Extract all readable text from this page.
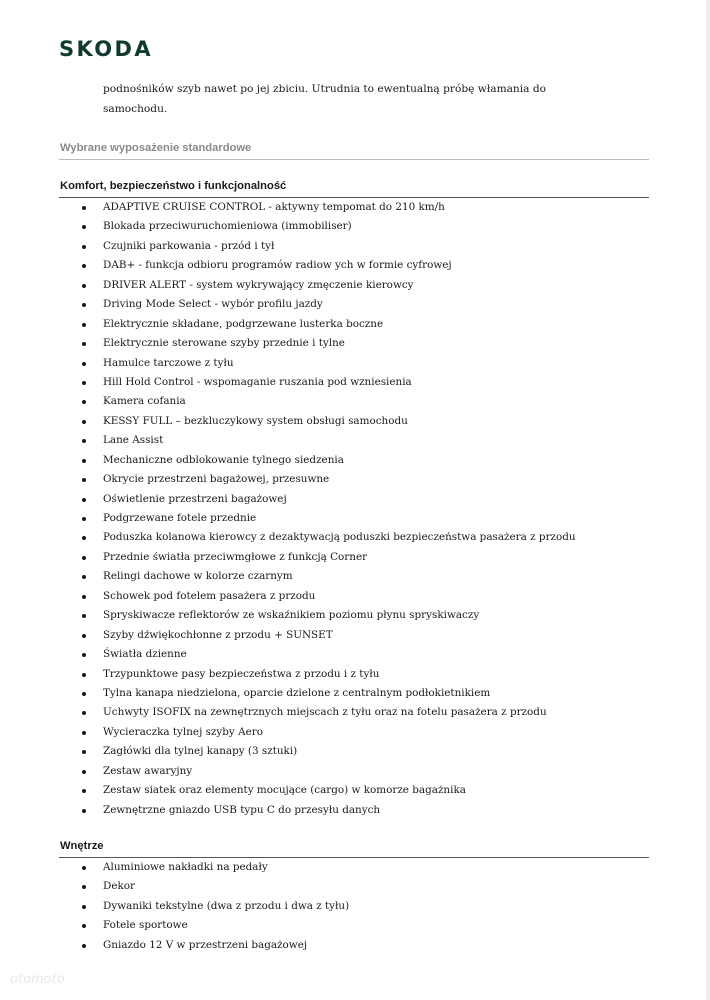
SKODA
podnośników szyb nawet po jej zbiciu. Utrudnia to ewentualną próbę włamania do
samochodu.
Wybrane wyposażenie standardowe
Komfort, bezpieczeństwo i funkcjonalność
ADAPTIVE CRUISE CONTROL - aktywny tempomat do 210 km/h
Blokada przeciwuruchomieniowa (immobiliser)
Czujniki parkowania - przód i tył
DAB+ - funkcja odbioru programów radiow ych w formie cyfrowej
DRIVER ALERT - system wykrywający zmęczenie kierowcy
Driving Mode Select - wybór profilu jazdy
Elektrycznie składane, podgrzewane lusterka boczne
Elektrycznie sterowane szyby przednie i tylne
Hamulce tarczowe z tyłu
Hill Hold Control - wspomaganie ruszania pod wzniesienia
Kamera cofania
KESSY FULL – bezkluczykowy system obsługi samochodu
Lane Assist
Mechaniczne odblokowanie tylnego siedzenia
Okrycie przestrzeni bagażowej, przesuwne
Oświetlenie przestrzeni bagażowej
Podgrzewane fotele przednie
Poduszka kolanowa kierowcy z dezaktywacją poduszki bezpieczeństwa pasażera z przodu
Przednie światła przeciwmgłowe z funkcją Corner
Relingi dachowe w kolorze czarnym
Schowek pod fotelem pasażera z przodu
Spryskiwacze reflektorów ze wskaźnikiem poziomu płynu spryskiwaczy
Szyby dźwiękochłonne z przodu + SUNSET
Światła dzienne
Trzypunktowe pasy bezpieczeństwa z przodu i z tyłu
Tylna kanapa niedzielona, oparcie dzielone z centralnym podłokietnikiem
Uchwyty ISOFIX na zewnętrznych miejscach z tyłu oraz na fotelu pasażera z przodu
Wycieraczka tylnej szyby Aero
Zagłówki dla tylnej kanapy (3 sztuki)
Zestaw awaryjny
Zestaw siatek oraz elementy mocujące (cargo) w komorze bagażnika
Zewnętrzne gniazdo USB typu C do przesyłu danych
Wnętrze
Aluminiowe nakładki na pedały
Dekor
Dywaniki tekstylne (dwa z przodu i dwa z tyłu)
Fotele sportowe
Gniazdo 12 V w przestrzeni bagażowej
otomoto
